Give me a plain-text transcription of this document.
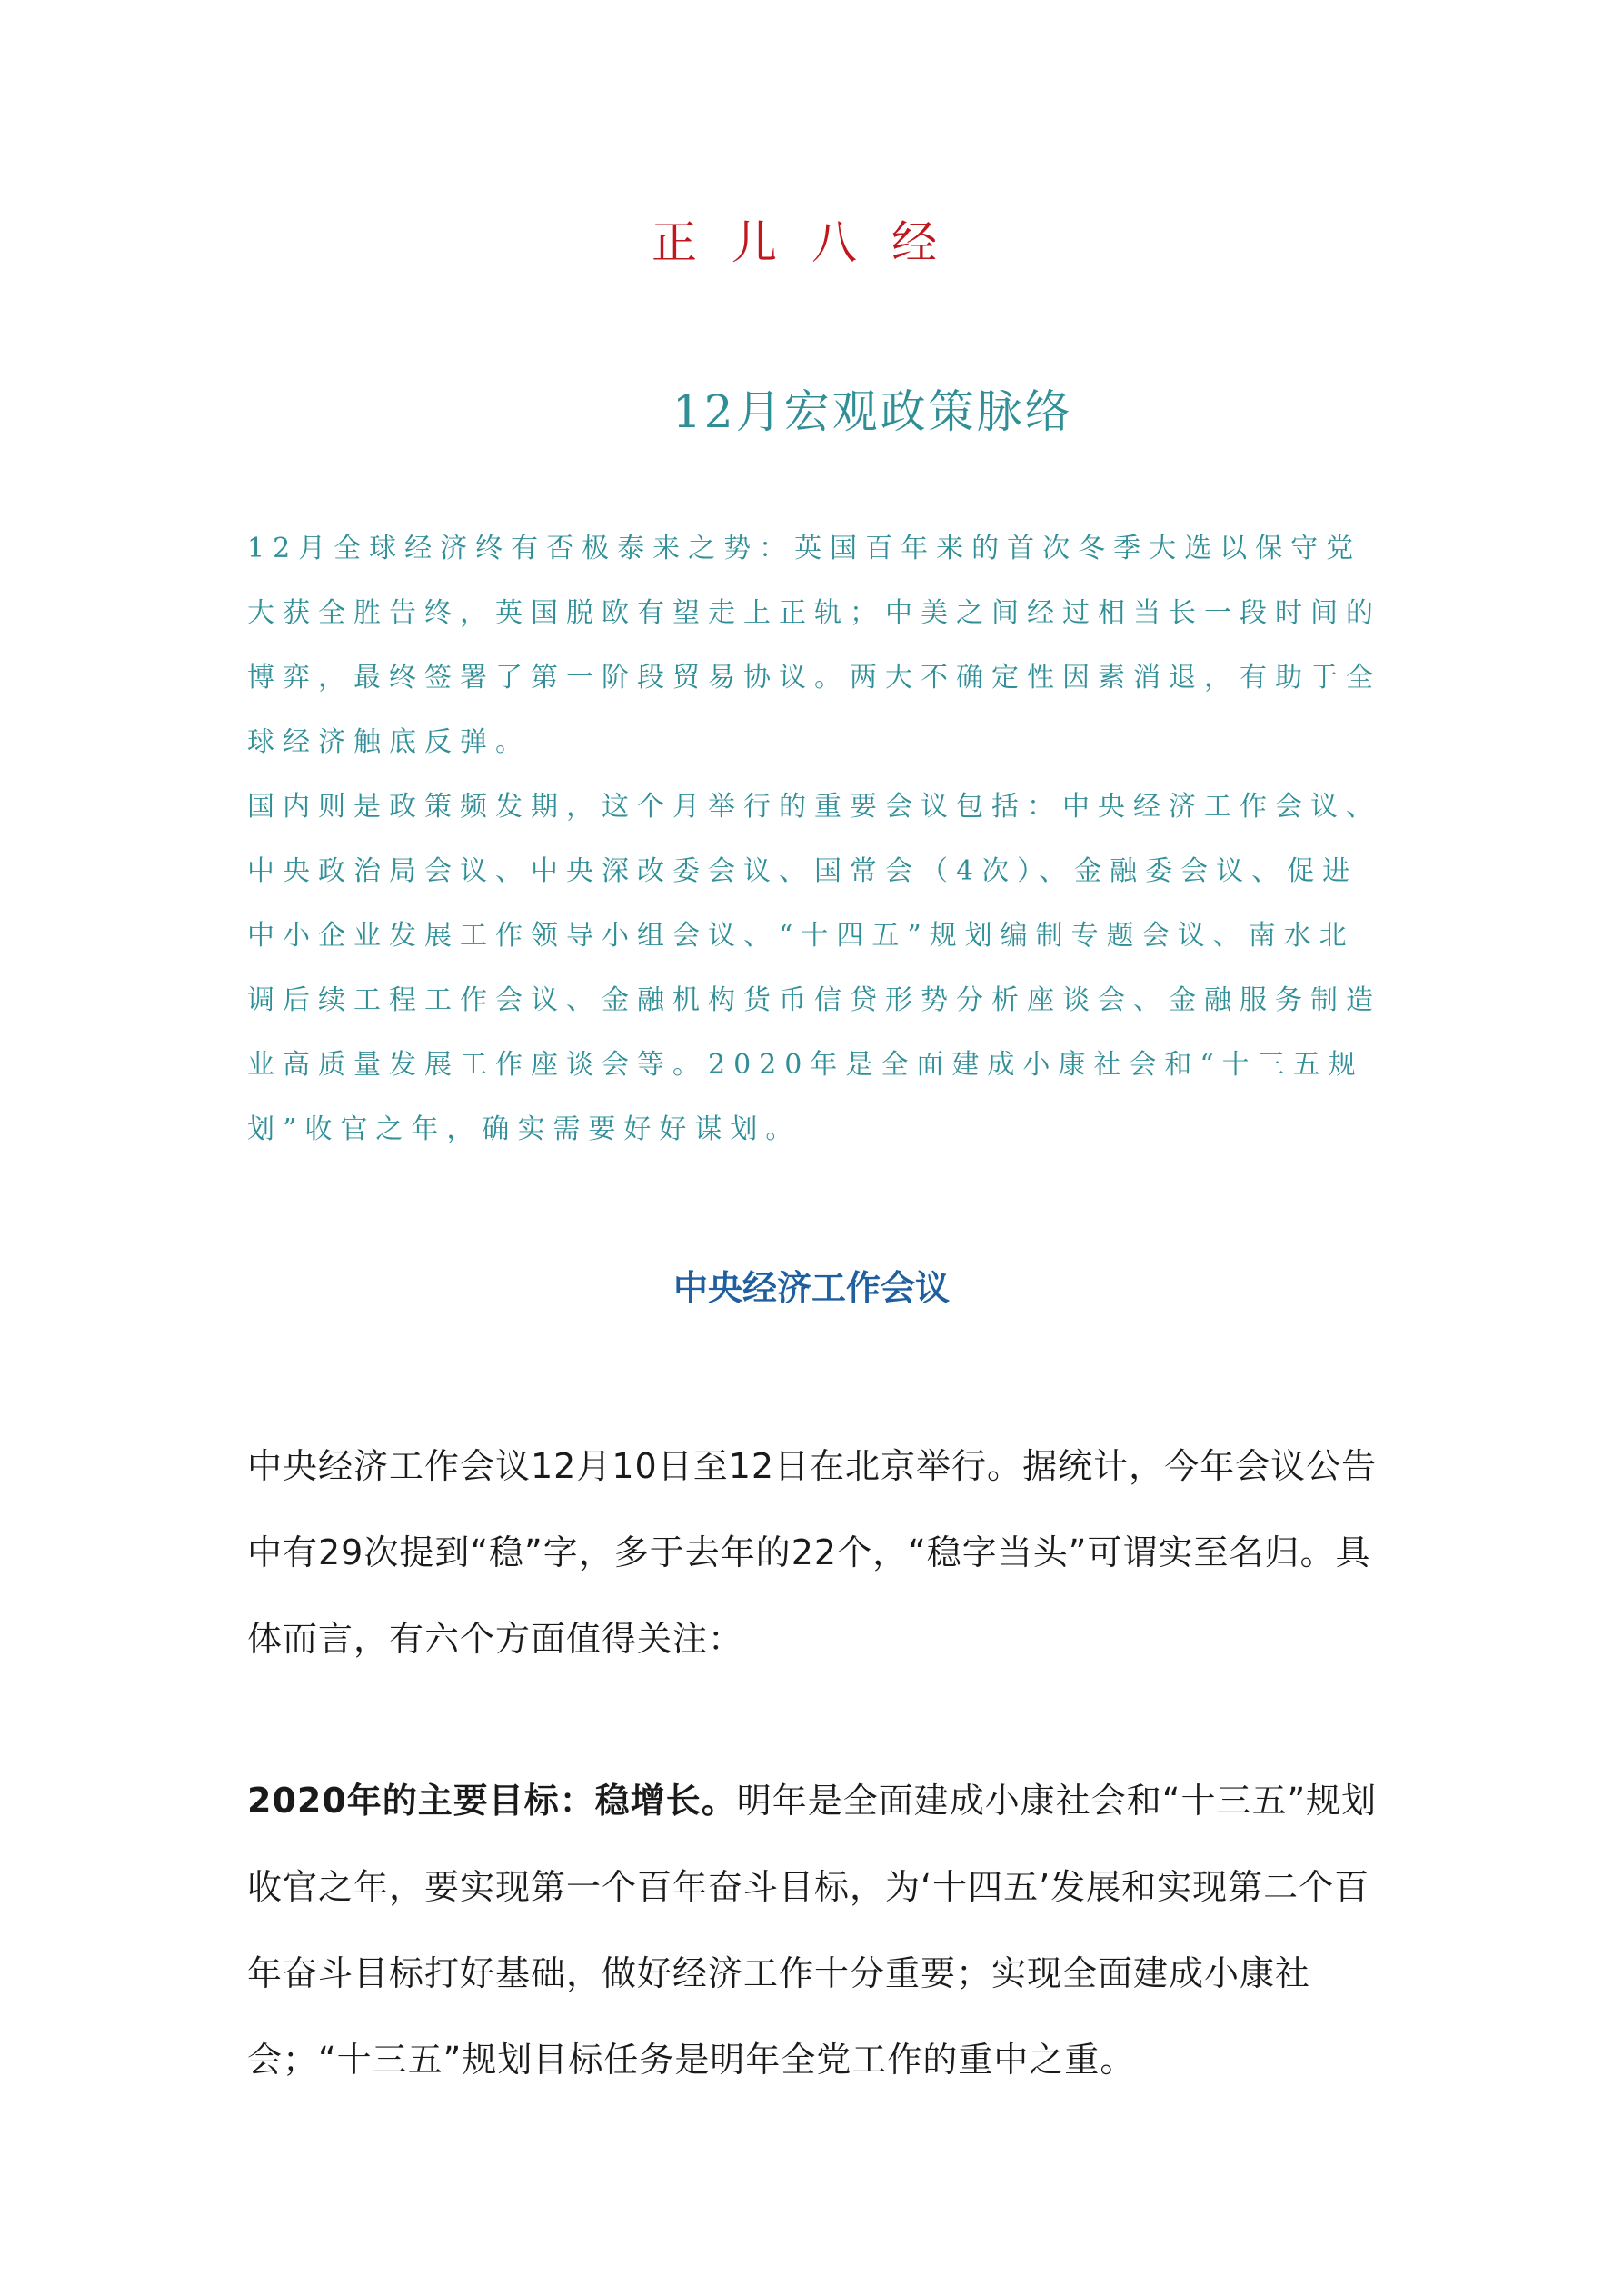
正儿八经
12月宏观政策脉络

12月全球经济终有否极泰来之势：英国百年来的首次冬季大选以保守党大获全胜告终，英国脱欧有望走上正轨；中美之间经过相当长一段时间的博弈，最终签署了第一阶段贸易协议。两大不确定性因素消退，有助于全球经济触底反弹。

国内则是政策频发期，这个月举行的重要会议包括：中央经济工作会议、中央政治局会议、中央深改委会议、国常会（4次）、金融委会议、促进中小企业发展工作领导小组会议、“十四五”规划编制专题会议、南水北调后续工程工作会议、金融机构货币信贷形势分析座谈会、金融服务制造业高质量发展工作座谈会等。2020年是全面建成小康社会和“十三五规划”收官之年，确实需要好好谋划。

中央经济工作会议

中央经济工作会议12月10日至12日在北京举行。据统计，今年会议公告中有29次提到“稳”字，多于去年的22个，“稳字当头”可谓实至名归。具体而言，有六个方面值得关注：

2020年的主要目标：稳增长。明年是全面建成小康社会和“十三五”规划收官之年，要实现第一个百年奋斗目标，为‘十四五’发展和实现第二个百年奋斗目标打好基础，做好经济工作十分重要；实现全面建成小康社会；“十三五”规划目标任务是明年全党工作的重中之重。
